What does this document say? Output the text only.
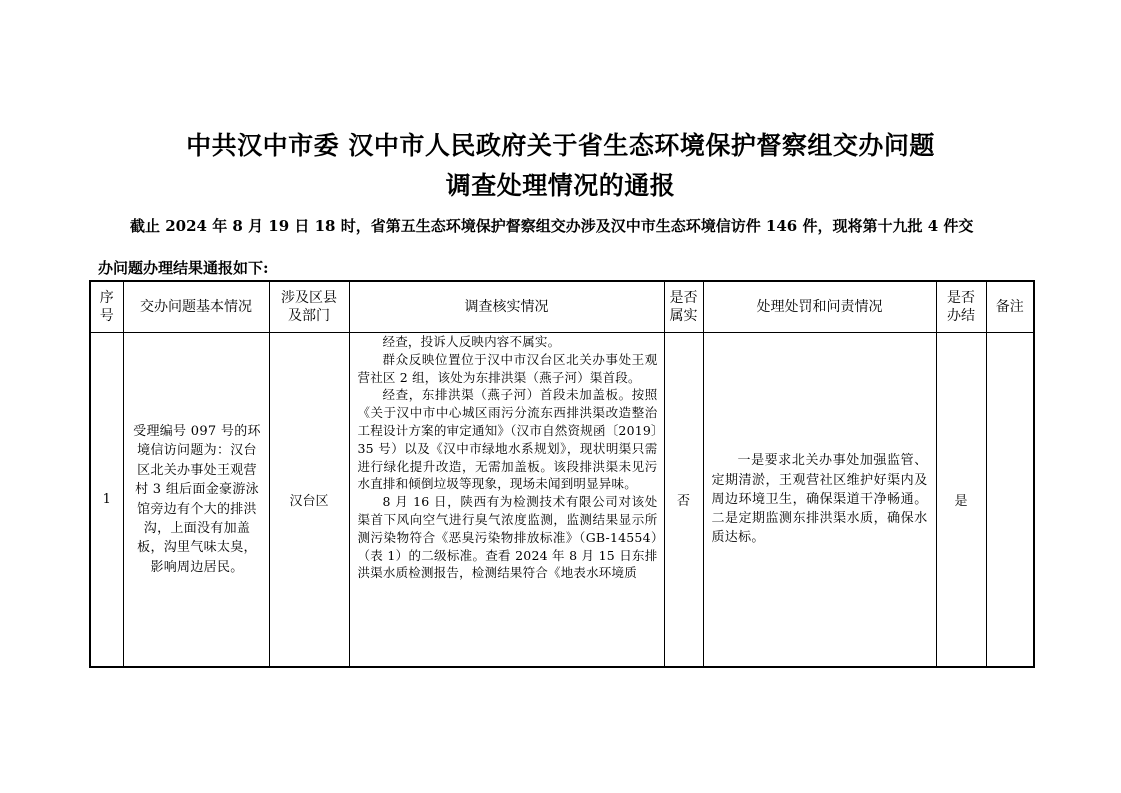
中共汉中市委 汉中市人民政府关于省生态环境保护督察组交办问题
调查处理情况的通报
截止 2024 年 8 月 19 日 18 时，省第五生态环境保护督察组交办涉及汉中市生态环境信访件 146 件，现将第十九批 4 件交
办问题办理结果通报如下:
序号	交办问题基本情况	涉及区县及部门	调查核实情况	是否属实	处理处罚和问责情况	是否办结	备注
1	受理编号 097 号的环境信访问题为：汉台区北关办事处王观营村 3 组后面金豪游泳馆旁边有个大的排洪沟，上面没有加盖板，沟里气味太臭，影响周边居民。	汉台区	经查，投诉人反映内容不属实。

群众反映位置位于汉中市汉台区北关办事处王观营社区 2 组，该处为东排洪渠（燕子河）渠首段。

经查，东排洪渠（燕子河）首段未加盖板。按照《关于汉中市中心城区雨污分流东西排洪渠改造整治工程设计方案的审定通知》（汉市自然资规函〔2019〕35 号）以及《汉中市绿地水系规划》，现状明渠只需进行绿化提升改造，无需加盖板。该段排洪渠未见污水直排和倾倒垃圾等现象，现场未闻到明显异味。

8 月 16 日，陕西有为检测技术有限公司对该处渠首下风向空气进行臭气浓度监测，监测结果显示所测污染物符合《恶臭污染物排放标准》（GB-14554）（表 1）的二级标准。查看 2024 年 8 月 15 日东排洪渠水质检测报告，检测结果符合《地表水环境质	否	一是要求北关办事处加强监管、定期清淤，王观营社区维护好渠内及周边环境卫生，确保渠道干净畅通。二是定期监测东排洪渠水质，确保水质达标。	是	
